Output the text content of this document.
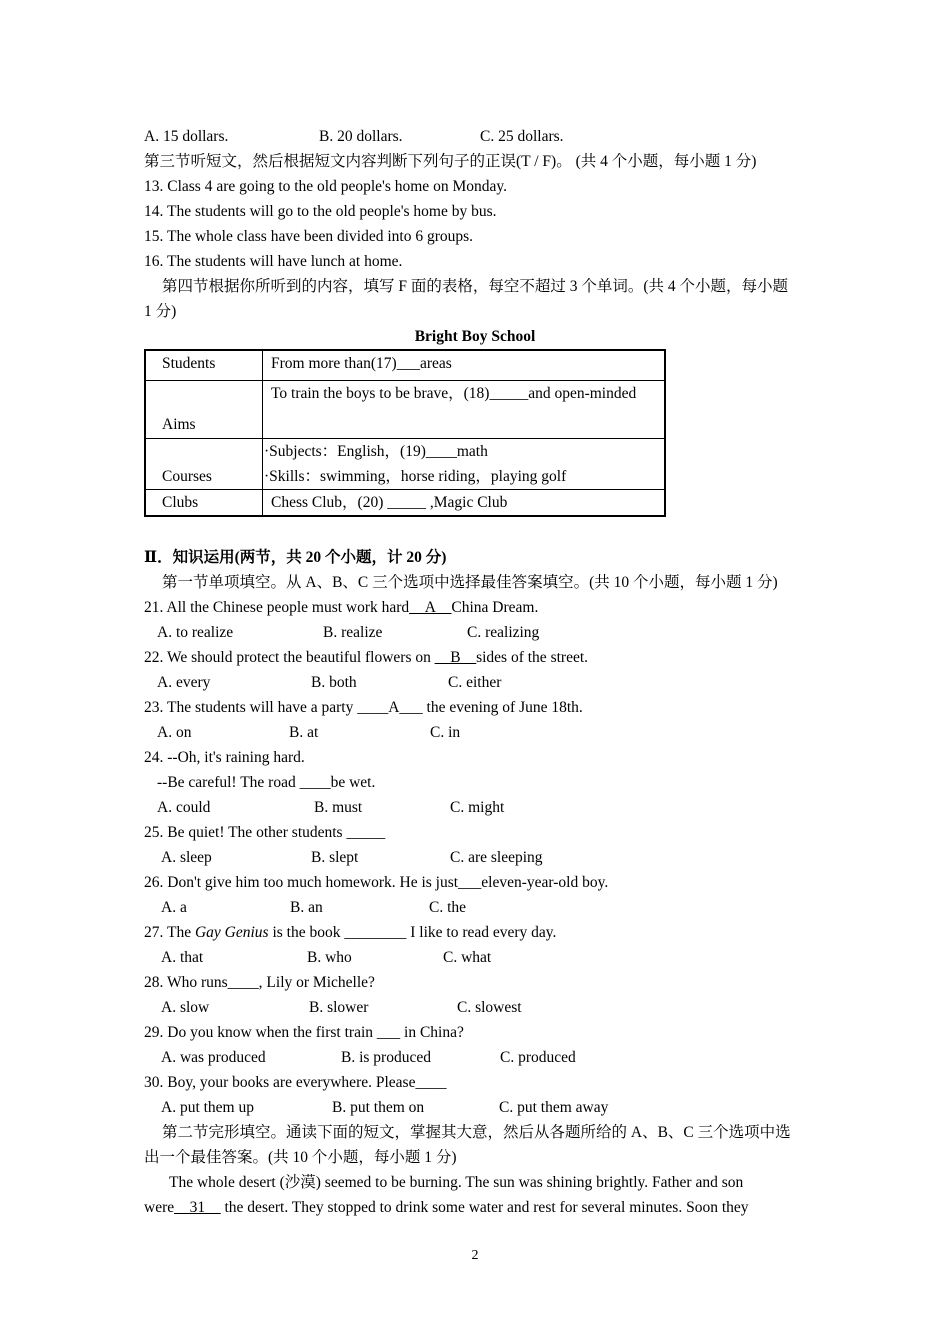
A. 15 dollars.	B. 20 dollars.	C. 25 dollars.
第三节听短文，然后根据短文内容判断下列句子的正误(T / F)。 (共 4 个小题，每小题 1 分)
13. Class 4 are going to the old people's home on Monday.
14. The students will go to the old people's home by bus.
15. The whole class have been divided into 6 groups.
16. The students will have lunch at home.
第四节根据你所听到的内容，填写 F 面的表格，每空不超过 3 个单词。(共 4 个小题，每小题
1 分)
Bright Boy School
Students	From more than(17)___areas
Aims	To train the boys to be brave，(18)_____and open-minded
Courses	·Subjects：English，(19)____math
·Skills：swimming，horse riding，playing golf

Clubs	Chess Club，(20) _____ ,Magic Club
Ⅱ．知识运用(两节，共 20 个小题，计 20 分)
第一节单项填空。从 A、B、C 三个选项中选择最佳答案填空。(共 10 个小题，每小题 1 分)
21. All the Chinese people must work hard__A__China Dream.
A. to realize	B. realize	C. realizing
22. We should protect the beautiful flowers on __B__sides of the street.
A. every	B. both	C. either
23. The students will have a party ____A___ the evening of June 18th.
A. on	B. at	C. in
24. --Oh, it's raining hard.
--Be careful! The road ____be wet.
A. could	B. must	C. might
25. Be quiet! The other students _____
A. sleep	B. slept	C. are sleeping
26. Don't give him too much homework. He is just___eleven-year-old boy.
A. a	B. an	C. the
27. The Gay Genius is the book ________ I like to read every day.
A. that	B. who	C. what
28. Who runs____, Lily or Michelle?
A. slow	B. slower	C. slowest
29. Do you know when the first train ___ in China?
A. was produced	B. is produced	C. produced
30. Boy, your books are everywhere. Please____
A. put them up	B. put them on	C. put them away
第二节完形填空。通读下面的短文，掌握其大意，然后从各题所给的 A、B、C 三个选项中选
出一个最佳答案。(共 10 个小题，每小题 1 分)
The whole desert (沙漠) seemed to be burning. The sun was shining brightly. Father and son
were__31__ the desert. They stopped to drink some water and rest for several minutes. Soon they
2
